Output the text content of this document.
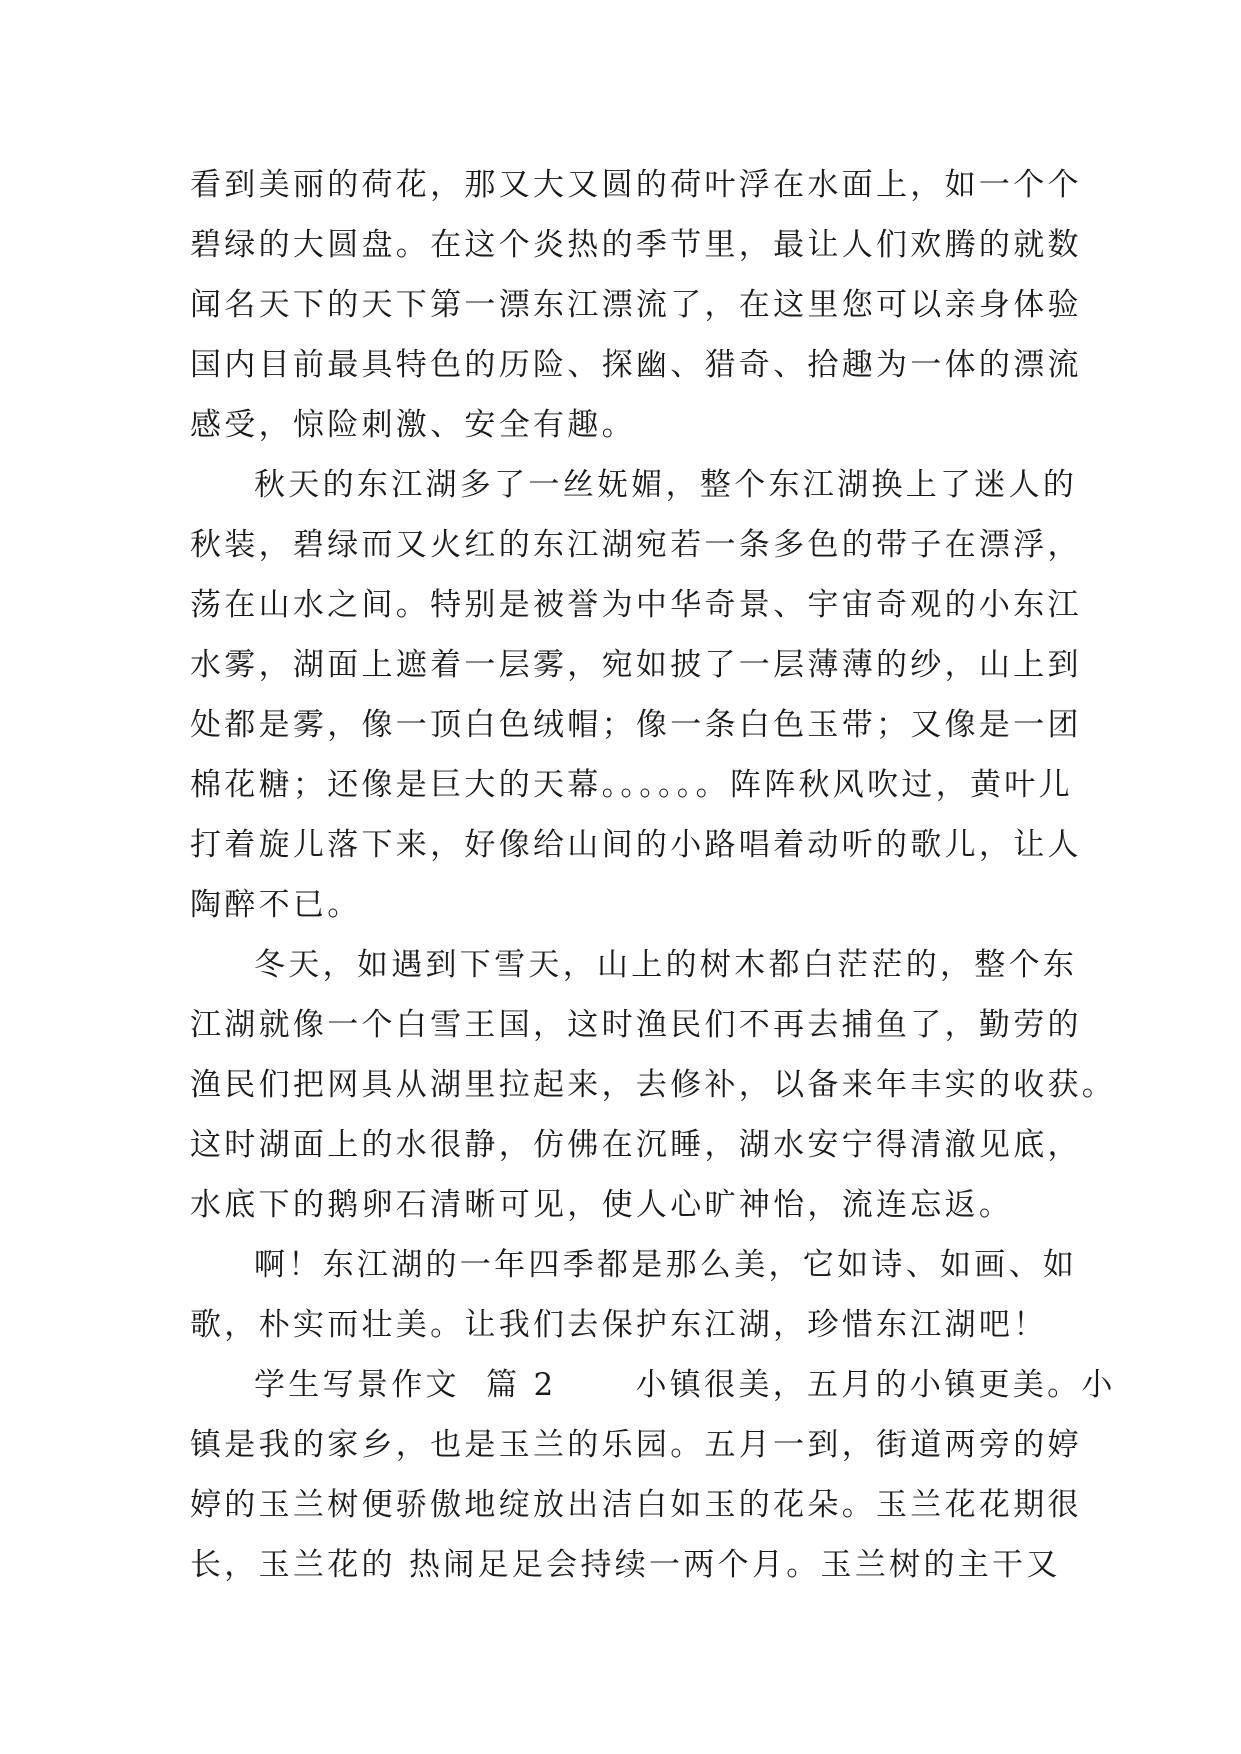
看到美丽的荷花，那又大又圆的荷叶浮在水面上，如一个个
碧绿的大圆盘。在这个炎热的季节里，最让人们欢腾的就数
闻名天下的天下第一漂东江漂流了，在这里您可以亲身体验
国内目前最具特色的历险、探幽、猎奇、拾趣为一体的漂流
感受，惊险刺激、安全有趣。
秋天的东江湖多了一丝妩媚，整个东江湖换上了迷人的
秋装，碧绿而又火红的东江湖宛若一条多色的带子在漂浮，
荡在山水之间。特别是被誉为中华奇景、宇宙奇观的小东江
水雾，湖面上遮着一层雾，宛如披了一层薄薄的纱，山上到
处都是雾，像一顶白色绒帽；像一条白色玉带；又像是一团
棉花糖；还像是巨大的天幕。。。。。。阵阵秋风吹过，黄叶儿
打着旋儿落下来，好像给山间的小路唱着动听的歌儿，让人
陶醉不已。
冬天，如遇到下雪天，山上的树木都白茫茫的，整个东
江湖就像一个白雪王国，这时渔民们不再去捕鱼了，勤劳的
渔民们把网具从湖里拉起来，去修补，以备来年丰实的收获。
这时湖面上的水很静，仿佛在沉睡，湖水安宁得清澈见底，
水底下的鹅卵石清晰可见，使人心旷神怡，流连忘返。
啊！东江湖的一年四季都是那么美，它如诗、如画、如
歌，朴实而壮美。让我们去保护东江湖，珍惜东江湖吧！
学生写景作文  篇 2      小镇很美，五月的小镇更美。小
镇是我的家乡，也是玉兰的乐园。五月一到，街道两旁的婷
婷的玉兰树便骄傲地绽放出洁白如玉的花朵。玉兰花花期很
长，玉兰花的 热闹足足会持续一两个月。玉兰树的主干又
